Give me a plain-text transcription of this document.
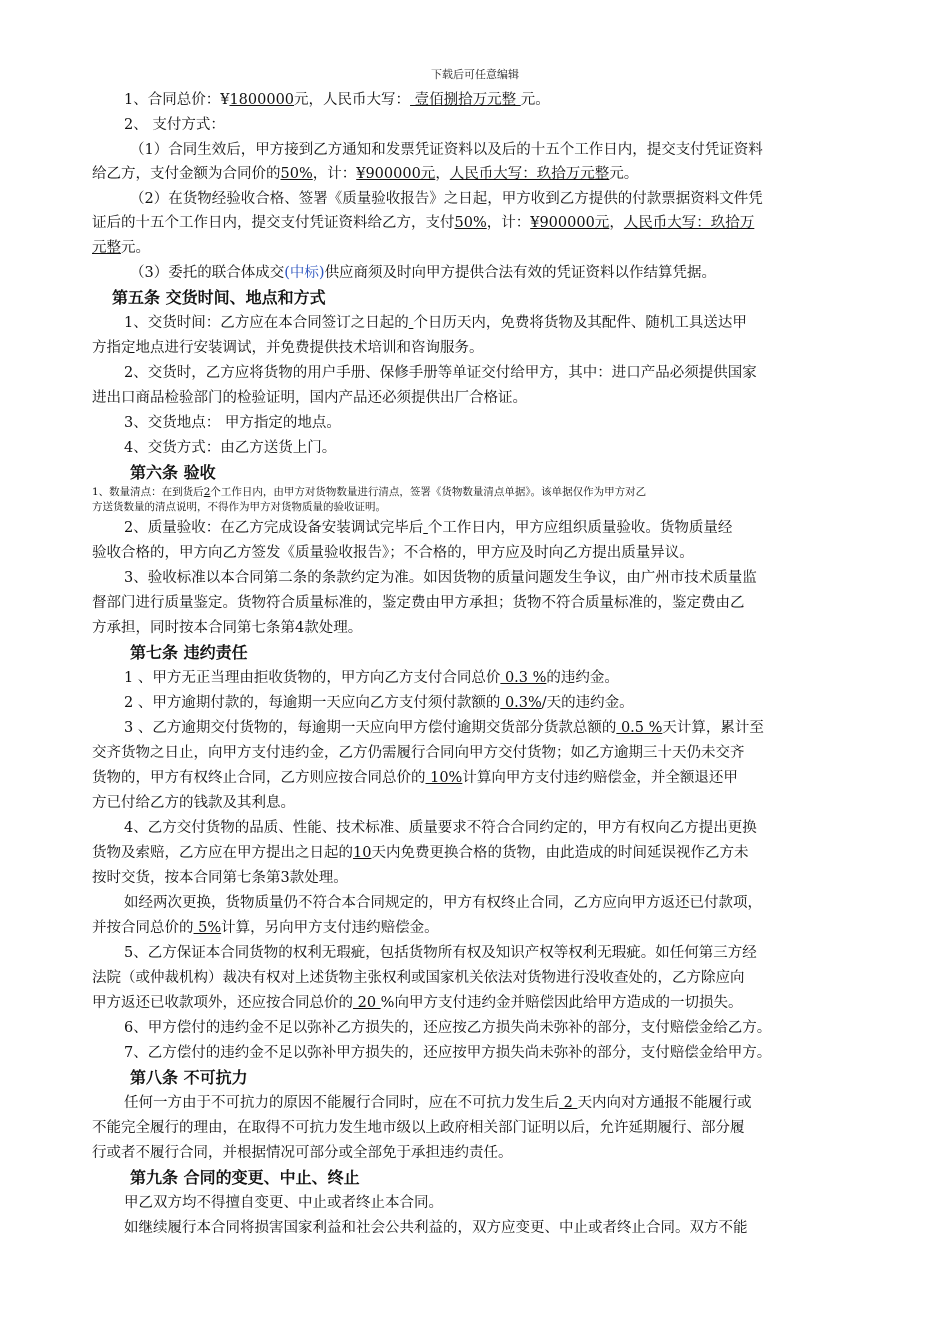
下载后可任意编辑
1、合同总价：¥1800000元，人民币大写： 壹佰捌拾万元整 元。
2、 支付方式：
（1）合同生效后，甲方接到乙方通知和发票凭证资料以及后的十五个工作日内，提交支付凭证资料
给乙方，支付金额为合同价的50%，计：¥900000元，人民币大写：玖拾万元整元。
（2）在货物经验收合格、签署《质量验收报告》之日起，甲方收到乙方提供的付款票据资料文件凭
证后的十五个工作日内，提交支付凭证资料给乙方，支付50%，计：¥900000元，人民币大写：玖拾万
元整元。
（3）委托的联合体成交(中标)供应商须及时向甲方提供合法有效的凭证资料以作结算凭据。
第五条 交货时间、地点和方式
1、交货时间：乙方应在本合同签订之日起的 个日历天内，免费将货物及其配件、随机工具送达甲
方指定地点进行安装调试，并免费提供技术培训和咨询服务。
2、交货时，乙方应将货物的用户手册、保修手册等单证交付给甲方，其中：进口产品必须提供国家
进出口商品检验部门的检验证明，国内产品还必须提供出厂合格证。
3、交货地点： 甲方指定的地点。
4、交货方式：由乙方送货上门。
第六条 验收
1、数量清点：在到货后2个工作日内，由甲方对货物数量进行清点，签署《货物数量清点单据》。该单据仅作为甲方对乙
方送货数量的清点说明，不得作为甲方对货物质量的验收证明。
2、质量验收：在乙方完成设备安装调试完毕后 个工作日内，甲方应组织质量验收。货物质量经
验收合格的，甲方向乙方签发《质量验收报告》；不合格的，甲方应及时向乙方提出质量异议。
3、验收标准以本合同第二条的条款约定为准。如因货物的质量问题发生争议，由广州市技术质量监
督部门进行质量鉴定。货物符合质量标准的，鉴定费由甲方承担；货物不符合质量标准的，鉴定费由乙
方承担，同时按本合同第七条第4款处理。
第七条 违约责任
1 、甲方无正当理由拒收货物的，甲方向乙方支付合同总价 0.3 %的违约金。
2 、甲方逾期付款的，每逾期一天应向乙方支付须付款额的 0.3%/天的违约金。
3 、乙方逾期交付货物的，每逾期一天应向甲方偿付逾期交货部分货款总额的 0.5 %天计算，累计至
交齐货物之日止，向甲方支付违约金，乙方仍需履行合同向甲方交付货物；如乙方逾期三十天仍未交齐
货物的，甲方有权终止合同，乙方则应按合同总价的 10%计算向甲方支付违约赔偿金，并全额退还甲
方已付给乙方的钱款及其利息。
4、乙方交付货物的品质、性能、技术标准、质量要求不符合合同约定的，甲方有权向乙方提出更换
货物及索赔，乙方应在甲方提出之日起的10天内免费更换合格的货物，由此造成的时间延误视作乙方未
按时交货，按本合同第七条第3款处理。
如经两次更换，货物质量仍不符合本合同规定的，甲方有权终止合同，乙方应向甲方返还已付款项，
并按合同总价的 5%计算，另向甲方支付违约赔偿金。
5、乙方保证本合同货物的权利无瑕疵，包括货物所有权及知识产权等权利无瑕疵。如任何第三方经
法院（或仲裁机构）裁决有权对上述货物主张权利或国家机关依法对货物进行没收查处的，乙方除应向
甲方返还已收款项外，还应按合同总价的 20 %向甲方支付违约金并赔偿因此给甲方造成的一切损失。
6、甲方偿付的违约金不足以弥补乙方损失的，还应按乙方损失尚未弥补的部分，支付赔偿金给乙方。
7、乙方偿付的违约金不足以弥补甲方损失的，还应按甲方损失尚未弥补的部分，支付赔偿金给甲方。
第八条 不可抗力
任何一方由于不可抗力的原因不能履行合同时，应在不可抗力发生后 2 天内向对方通报不能履行或
不能完全履行的理由，在取得不可抗力发生地市级以上政府相关部门证明以后，允许延期履行、部分履
行或者不履行合同，并根据情况可部分或全部免于承担违约责任。
第九条 合同的变更、中止、终止
甲乙双方均不得擅自变更、中止或者终止本合同。
如继续履行本合同将损害国家利益和社会公共利益的，双方应变更、中止或者终止合同。双方不能
